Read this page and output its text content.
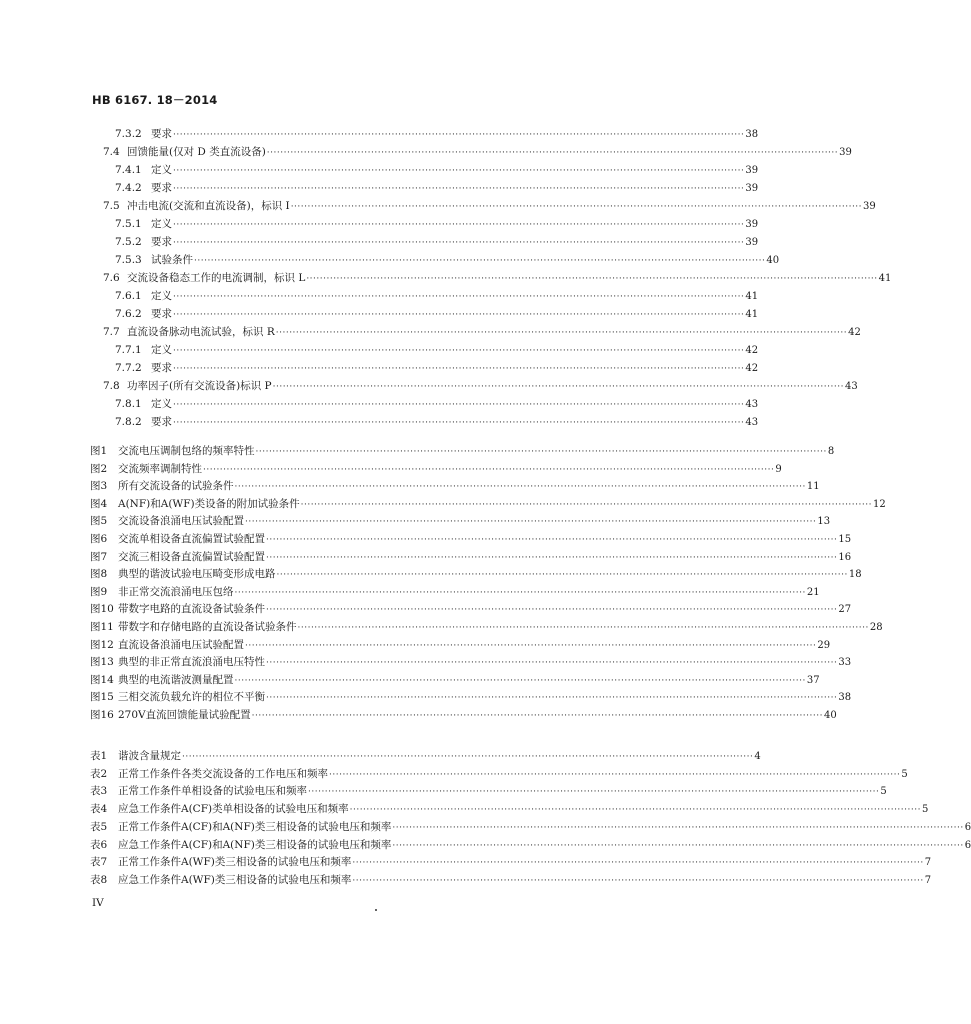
HB 6167. 18－2014
7.3.2 要求 ·····	38
7.4 回馈能量(仅对 D 类直流设备) ·····	39
7.4.1 定义 ·····	39
7.4.2 要求 ·····	39
7.5 冲击电流(交流和直流设备)，标识 I ·····	39
7.5.1 定义 ·····	39
7.5.2 要求 ·····	39
7.5.3 试验条件 ·····	40
7.6 交流设备稳态工作的电流调制，标识 L ·····	41
7.6.1 定义 ·····	41
7.6.2 要求 ·····	41
7.7 直流设备脉动电流试验，标识 R ·····	42
7.7.1 定义 ·····	42
7.7.2 要求 ·····	42
7.8 功率因子(所有交流设备)标识 P ·····	43
7.8.1 定义 ·····	43
7.8.2 要求 ·····	43
图1	交流电压调制包络的频率特性 ·····	8
图2	交流频率调制特性 ·····	9
图3	所有交流设备的试验条件 ·····	11
图4	A(NF)和A(WF)类设备的附加试验条件 ·····	12
图5	交流设备浪涌电压试验配置 ·····	13
图6	交流单相设备直流偏置试验配置 ·····	15
图7	交流三相设备直流偏置试验配置 ·····	16
图8	典型的谐波试验电压畸变形成电路 ·····	18
图9	非正常交流浪涌电压包络 ·····	21
图10 带数字电路的直流设备试验条件 ·····	27
图11 带数字和存储电路的直流设备试验条件 ·····	28
图12 直流设备浪涌电压试验配置 ·····	29
图13 典型的非正常直流浪涌电压特性 ·····	33
图14 典型的电流谐波测量配置 ·····	37
图15 三相交流负载允许的相位不平衡 ·····	38
图16 270V直流回馈能量试验配置 ·····	40
表1	谐波含量规定 ·····	4
表2	正常工作条件各类交流设备的工作电压和频率 ·····	5
表3	正常工作条件单相设备的试验电压和频率 ·····	5
表4	应急工作条件A(CF)类单相设备的试验电压和频率 ·····	5
表5	正常工作条件A(CF)和A(NF)类三相设备的试验电压和频率 ·····	6
表6	应急工作条件A(CF)和A(NF)类三相设备的试验电压和频率 ·····	6
表7	正常工作条件A(WF)类三相设备的试验电压和频率 ·····	7
表8	应急工作条件A(WF)类三相设备的试验电压和频率 ·····	7
IV
